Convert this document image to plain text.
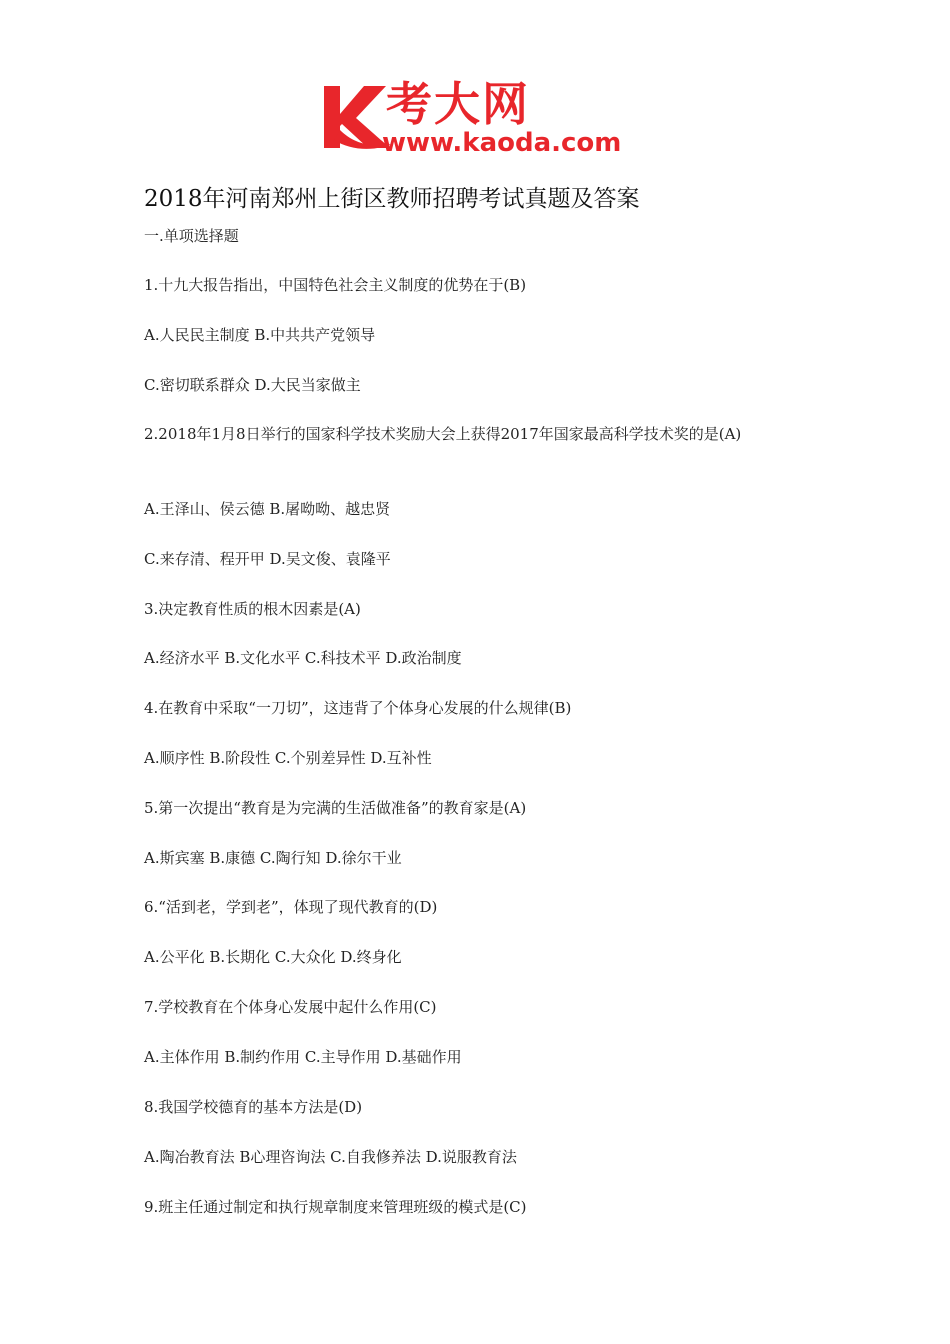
考大网
www.kaoda.com
2018年河南郑州上街区教师招聘考试真题及答案
一.单项选择题
1.十九大报告指出，中国特色社会主义制度的优势在于(B)
A.人民民主制度 B.中共共产党领导
C.密切联系群众 D.大民当家做主
2.2018年1月8日举行的国家科学技术奖励大会上获得2017年国家最高科学技术奖的是(A)
A.王泽山、侯云德 B.屠呦呦、越忠贤
C.来存清、程开甲 D.吴文俊、袁隆平
3.决定教育性质的根木因素是(A)
A.经济水平 B.文化水平 C.科技术平 D.政治制度
4.在教育中采取“一刀切”，这违背了个体身心发展的什么规律(B)
A.顺序性 B.阶段性 C.个别差异性 D.互补性
5.第一次提出“教育是为完满的生活做准备”的教育家是(A)
A.斯宾塞 B.康德 C.陶行知 D.徐尔干业
6.“活到老，学到老”，体现了现代教育的(D)
A.公平化 B.长期化 C.大众化 D.终身化
7.学校教育在个体身心发展中起什么作用(C)
A.主体作用 B.制约作用 C.主导作用 D.基础作用
8.我国学校德育的基本方法是(D)
A.陶冶教育法 B心理咨询法 C.自我修养法 D.说服教育法
9.班主任通过制定和执行规章制度来管理班级的模式是(C)
